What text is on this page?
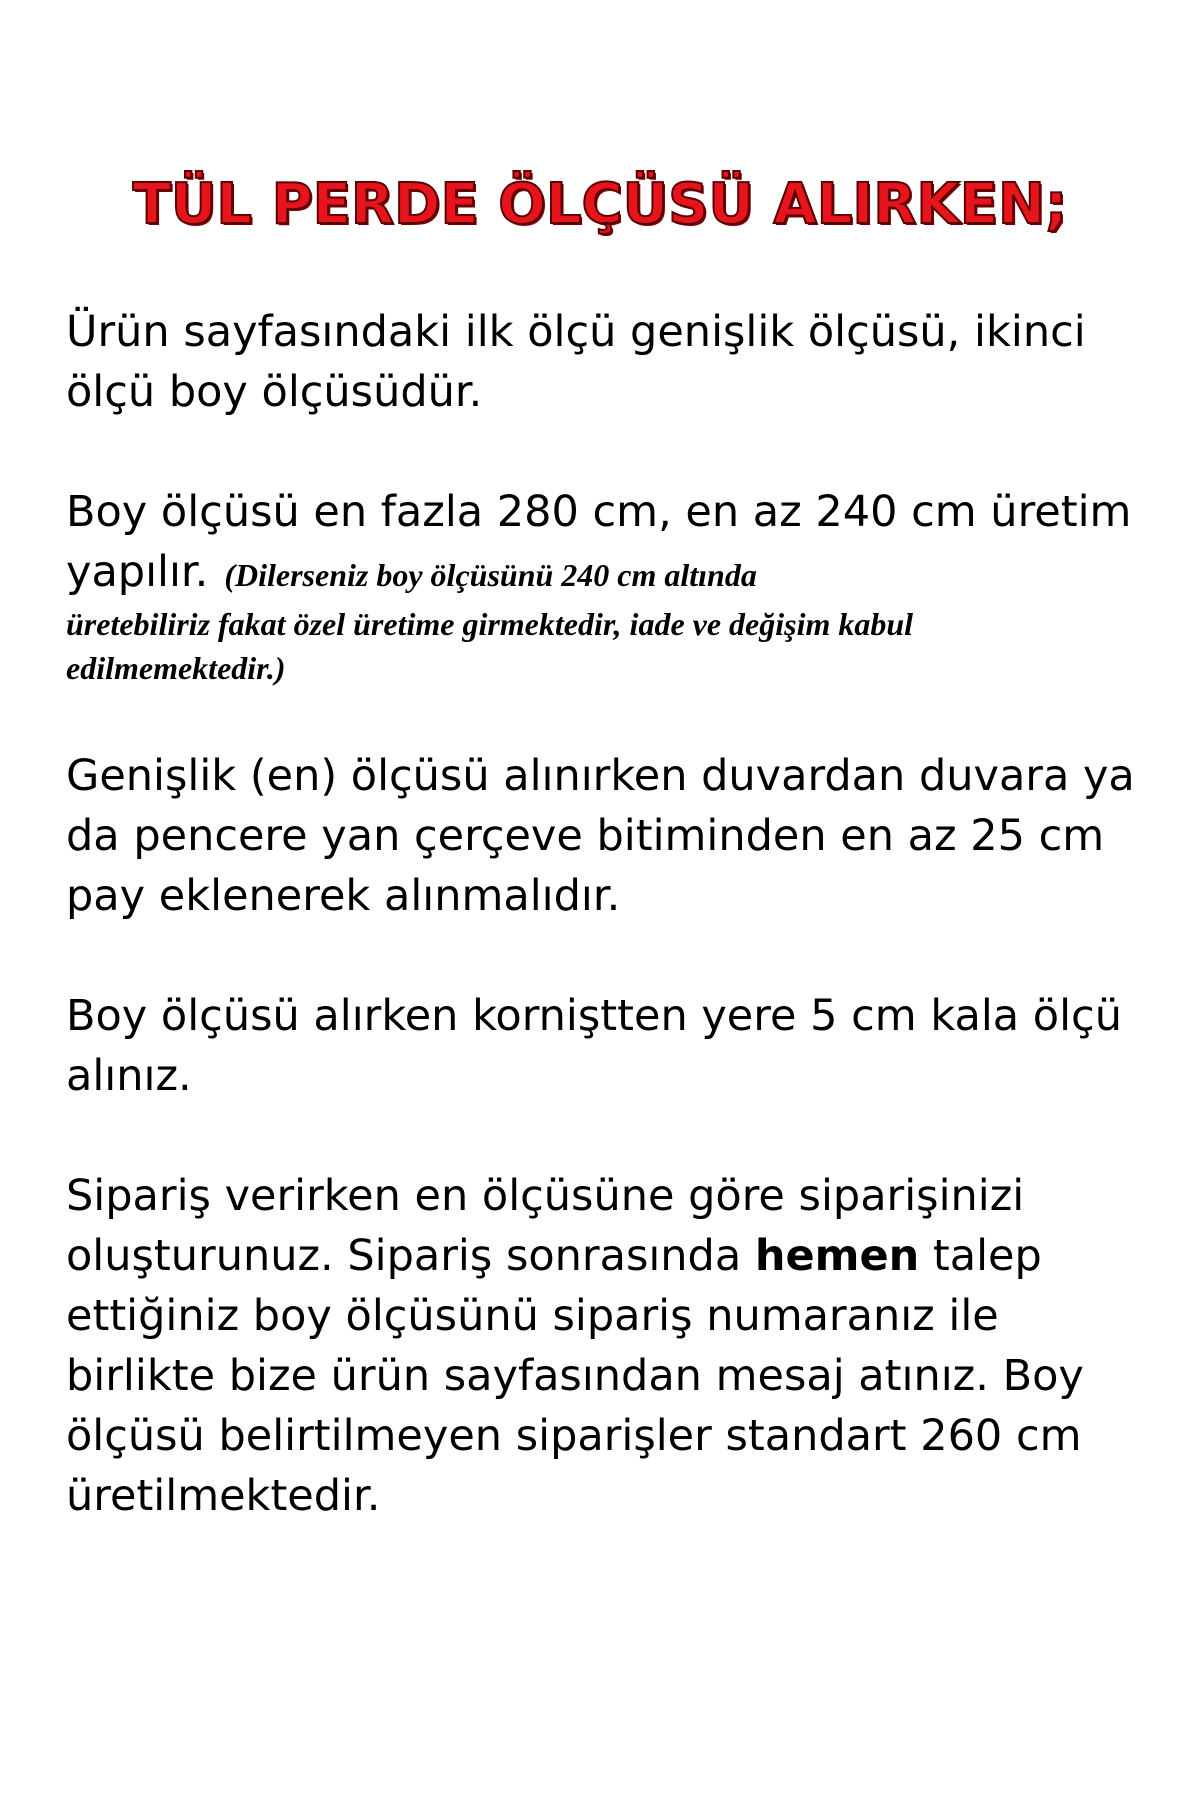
TÜL PERDE ÖLÇÜSÜ ALIRKEN;

Ürün sayfasındaki ilk ölçü genişlik ölçüsü, ikinci ölçü boy ölçüsüdür.

Boy ölçüsü en fazla 280 cm, en az 240 cm üretim yapılır. (Dilerseniz boy ölçüsünü 240 cm altında
üretebiliriz fakat özel üretime girmektedir, iade ve değişim kabul
edilmemektedir.)

Genişlik (en) ölçüsü alınırken duvardan duvara ya da pencere yan çerçeve bitiminden en az 25 cm pay eklenerek alınmalıdır.

Boy ölçüsü alırken korniştten yere 5 cm kala ölçü alınız.

Sipariş verirken en ölçüsüne göre siparişinizi oluşturunuz. Sipariş sonrasında hemen talep ettiğiniz boy ölçüsünü sipariş numaranız ile birlikte bize ürün sayfasından mesaj atınız. Boy ölçüsü belirtilmeyen siparişler standart 260 cm üretilmektedir.
